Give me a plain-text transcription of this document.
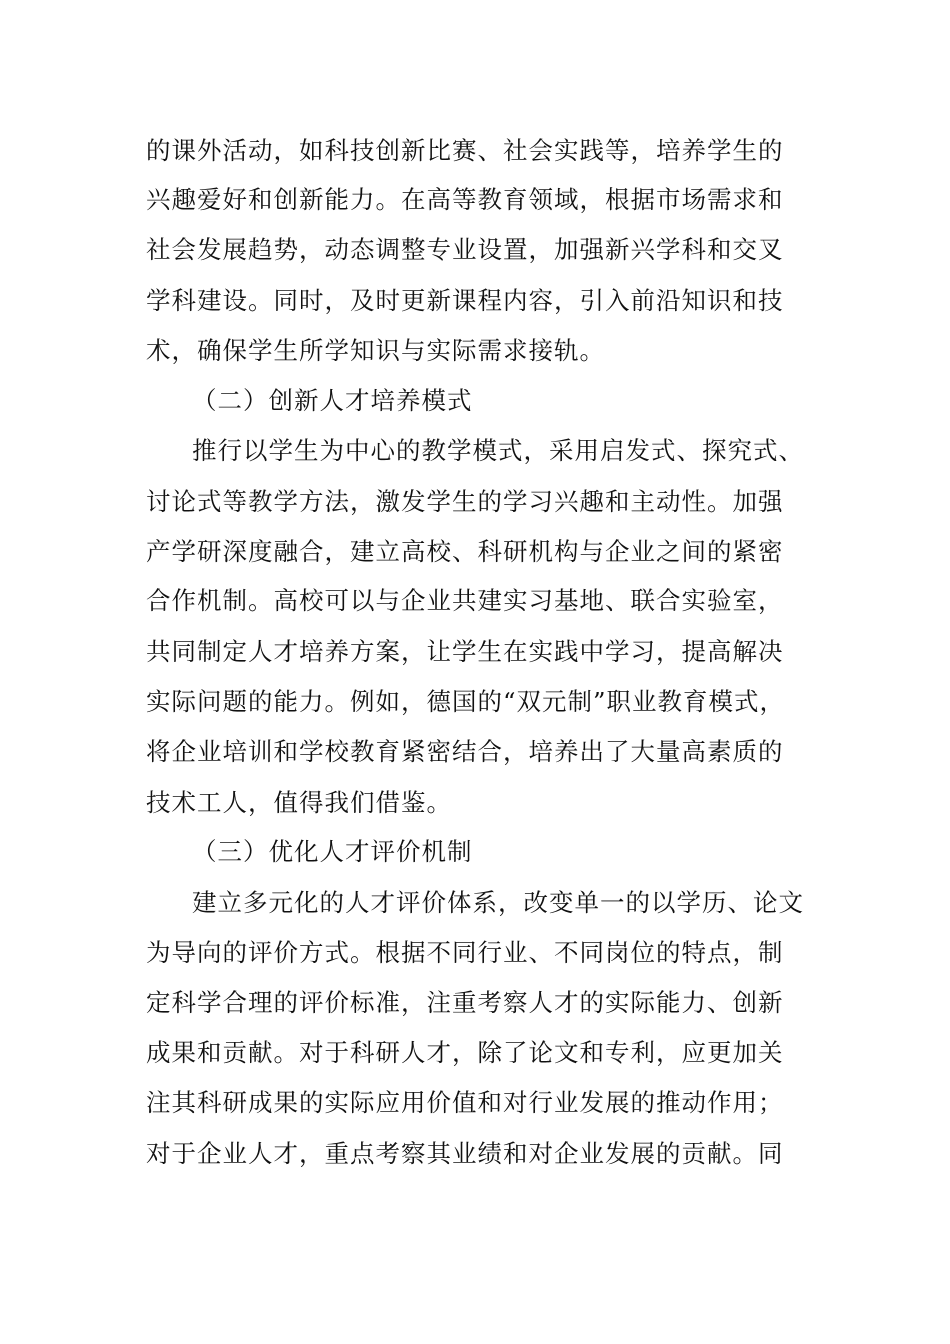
的课外活动，如科技创新比赛、社会实践等，培养学生的
兴趣爱好和创新能力。在高等教育领域，根据市场需求和
社会发展趋势，动态调整专业设置，加强新兴学科和交叉
学科建设。同时，及时更新课程内容，引入前沿知识和技
术，确保学生所学知识与实际需求接轨。
（二）创新人才培养模式
推行以学生为中心的教学模式，采用启发式、探究式、
讨论式等教学方法，激发学生的学习兴趣和主动性。加强
产学研深度融合，建立高校、科研机构与企业之间的紧密
合作机制。高校可以与企业共建实习基地、联合实验室，
共同制定人才培养方案，让学生在实践中学习，提高解决
实际问题的能力。例如，德国的“双元制”职业教育模式，
将企业培训和学校教育紧密结合，培养出了大量高素质的
技术工人，值得我们借鉴。
（三）优化人才评价机制
建立多元化的人才评价体系，改变单一的以学历、论文
为导向的评价方式。根据不同行业、不同岗位的特点，制
定科学合理的评价标准，注重考察人才的实际能力、创新
成果和贡献。对于科研人才，除了论文和专利，应更加关
注其科研成果的实际应用价值和对行业发展的推动作用；
对于企业人才，重点考察其业绩和对企业发展的贡献。同
